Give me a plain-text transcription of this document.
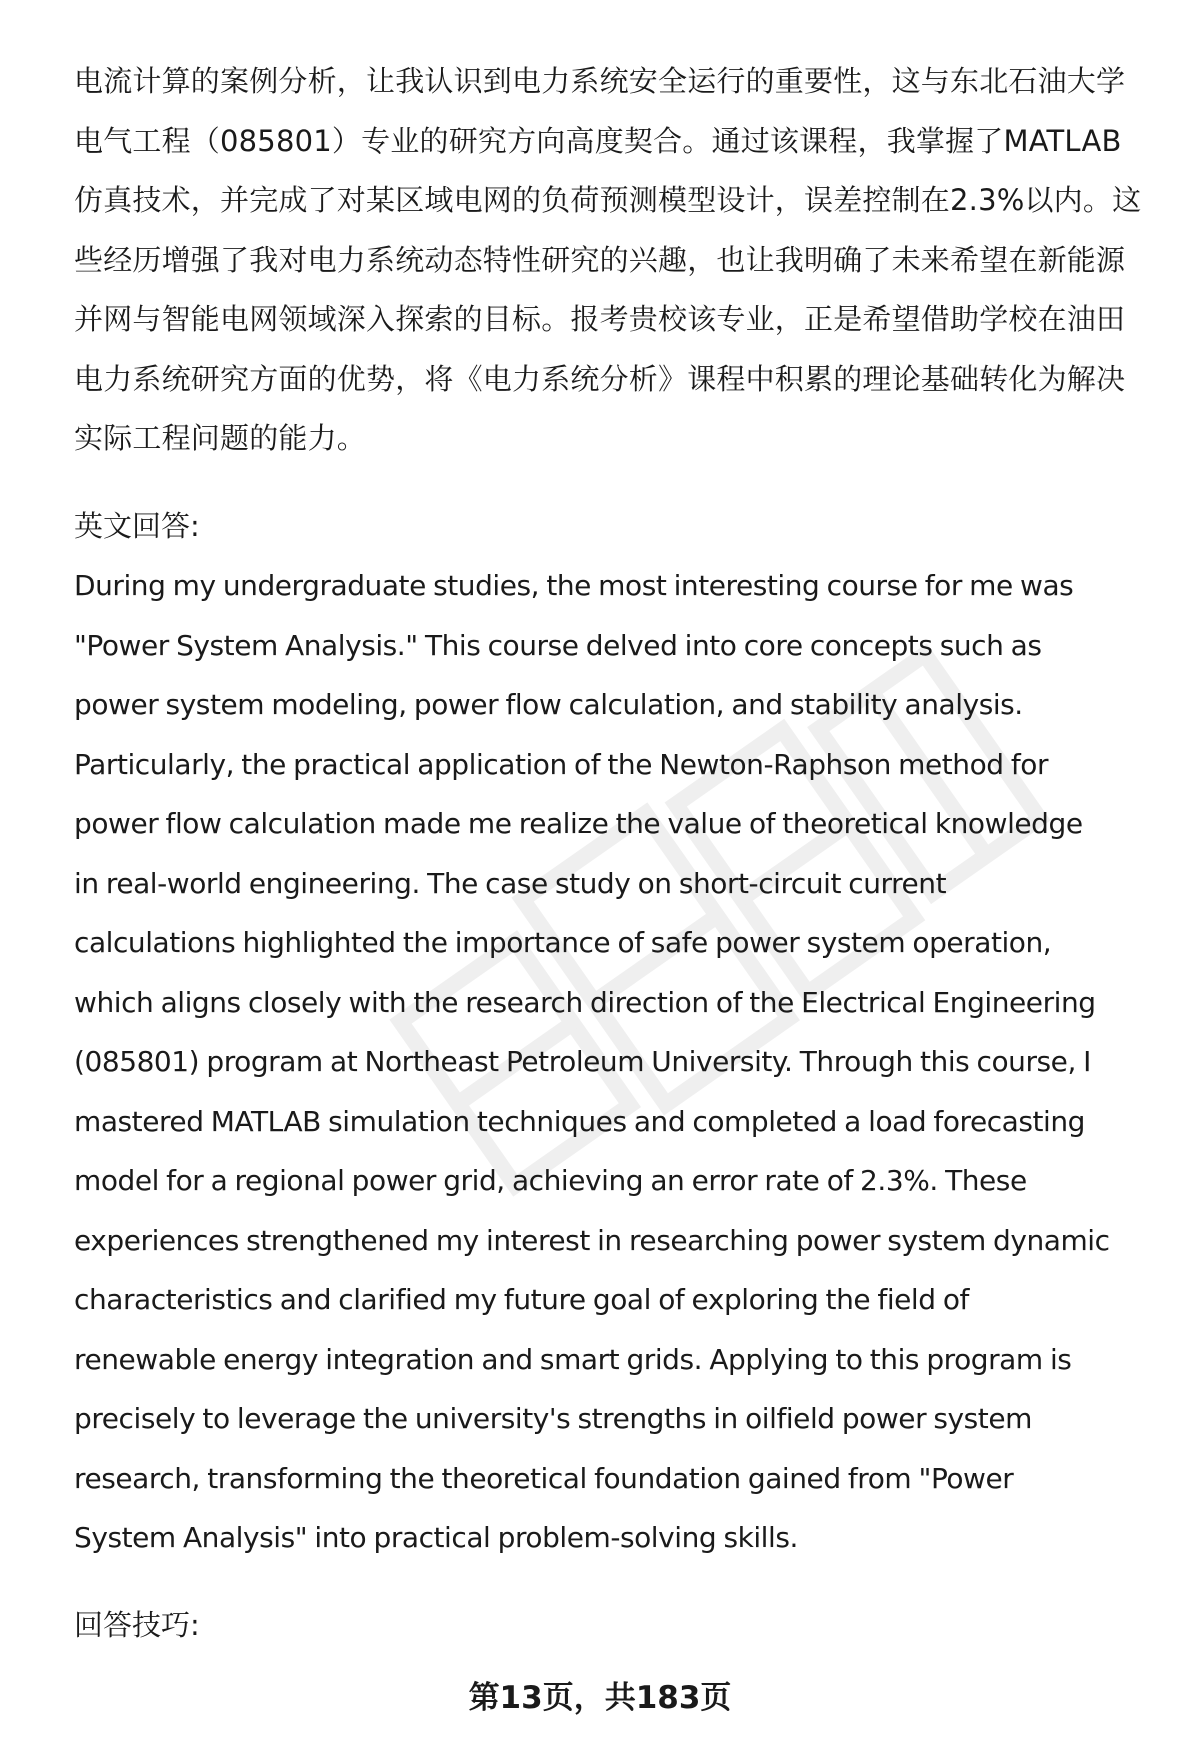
电流计算的案例分析，让我认识到电力系统安全运行的重要性，这与东北石油大学
电气工程（085801）专业的研究方向高度契合。通过该课程，我掌握了MATLAB
仿真技术，并完成了对某区域电网的负荷预测模型设计，误差控制在2.3%以内。这
些经历增强了我对电力系统动态特性研究的兴趣，也让我明确了未来希望在新能源
并网与智能电网领域深入探索的目标。报考贵校该专业，正是希望借助学校在油田
电力系统研究方面的优势，将《电力系统分析》课程中积累的理论基础转化为解决
实际工程问题的能力。

英文回答:

During my undergraduate studies, the most interesting course for me was
"Power System Analysis." This course delved into core concepts such as
power system modeling, power flow calculation, and stability analysis.
Particularly, the practical application of the Newton-Raphson method for
power flow calculation made me realize the value of theoretical knowledge
in real-world engineering. The case study on short-circuit current
calculations highlighted the importance of safe power system operation,
which aligns closely with the research direction of the Electrical Engineering
(085801) program at Northeast Petroleum University. Through this course, I
mastered MATLAB simulation techniques and completed a load forecasting
model for a regional power grid, achieving an error rate of 2.3%. These
experiences strengthened my interest in researching power system dynamic
characteristics and clarified my future goal of exploring the field of
renewable energy integration and smart grids. Applying to this program is
precisely to leverage the university's strengths in oilfield power system
research, transforming the theoretical foundation gained from "Power
System Analysis" into practical problem-solving skills.

回答技巧:

第13页，共183页
